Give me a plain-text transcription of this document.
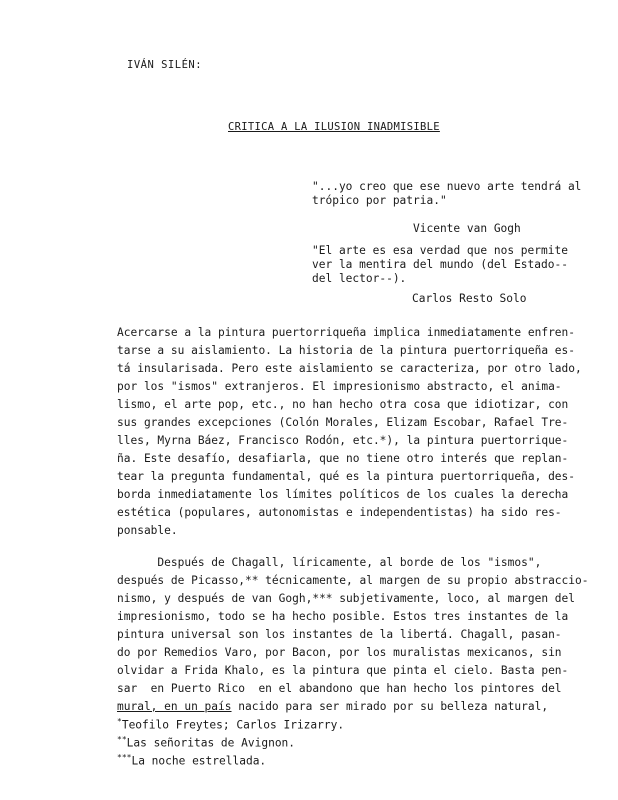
IVÁN SILÉN:
CRITICA A LA ILUSION INADMISIBLE
"...yo creo que ese nuevo arte tendrá al
trópico por patria."
Vicente van Gogh
"El arte es esa verdad que nos permite
ver la mentira del mundo (del Estado--
del lector--).
Carlos Resto Solo
Acercarse a la pintura puertorriqueña implica inmediatamente enfren-
tarse a su aislamiento. La historia de la pintura puertorriqueña es-
tá insularisada. Pero este aislamiento se caracteriza, por otro lado,
por los "ismos" extranjeros. El impresionismo abstracto, el anima-
lismo, el arte pop, etc., no han hecho otra cosa que idiotizar, con
sus grandes excepciones (Colón Morales, Elizam Escobar, Rafael Tre-
lles, Myrna Báez, Francisco Rodón, etc.*), la pintura puertorrique-
ña. Este desafío, desafiarla, que no tiene otro interés que replan-
tear la pregunta fundamental, qué es la pintura puertorriqueña, des-
borda inmediatamente los límites políticos de los cuales la derecha
estética (populares, autonomistas e independentistas) ha sido res-
ponsable.
Después de Chagall, líricamente, al borde de los "ismos",
después de Picasso,** técnicamente, al margen de su propio abstraccio-
nismo, y después de van Gogh,*** subjetivamente, loco, al margen del
impresionismo, todo se ha hecho posible. Estos tres instantes de la
pintura universal son los instantes de la libertá. Chagall, pasan-
do por Remedios Varo, por Bacon, por los muralistas mexicanos, sin
olvidar a Frida Khalo, es la pintura que pinta el cielo. Basta pen-
sar  en Puerto Rico  en el abandono que han hecho los pintores del
mural, en un país nacido para ser mirado por su belleza natural,
*Teofilo Freytes; Carlos Irizarry.
**Las señoritas de Avignon.
***La noche estrellada.
